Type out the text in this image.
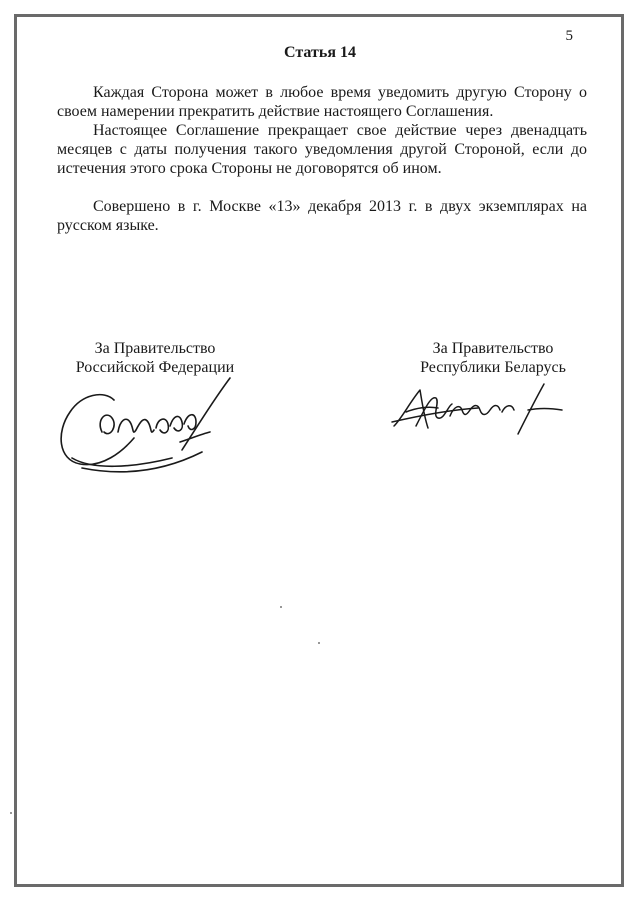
5
Статья 14

Каждая Сторона может в любое время уведомить другую Сторону о своем намерении прекратить действие настоящего Соглашения.

Настоящее Соглашение прекращает свое действие через двенадцать месяцев с даты получения такого уведомления другой Стороной, если до истечения этого срока Стороны не договорятся об ином.

Совершено в г. Москве «13» декабря 2013 г. в двух экземплярах на русском языке.

За Правительство
Российской Федерации
За Правительство
Республики Беларусь
